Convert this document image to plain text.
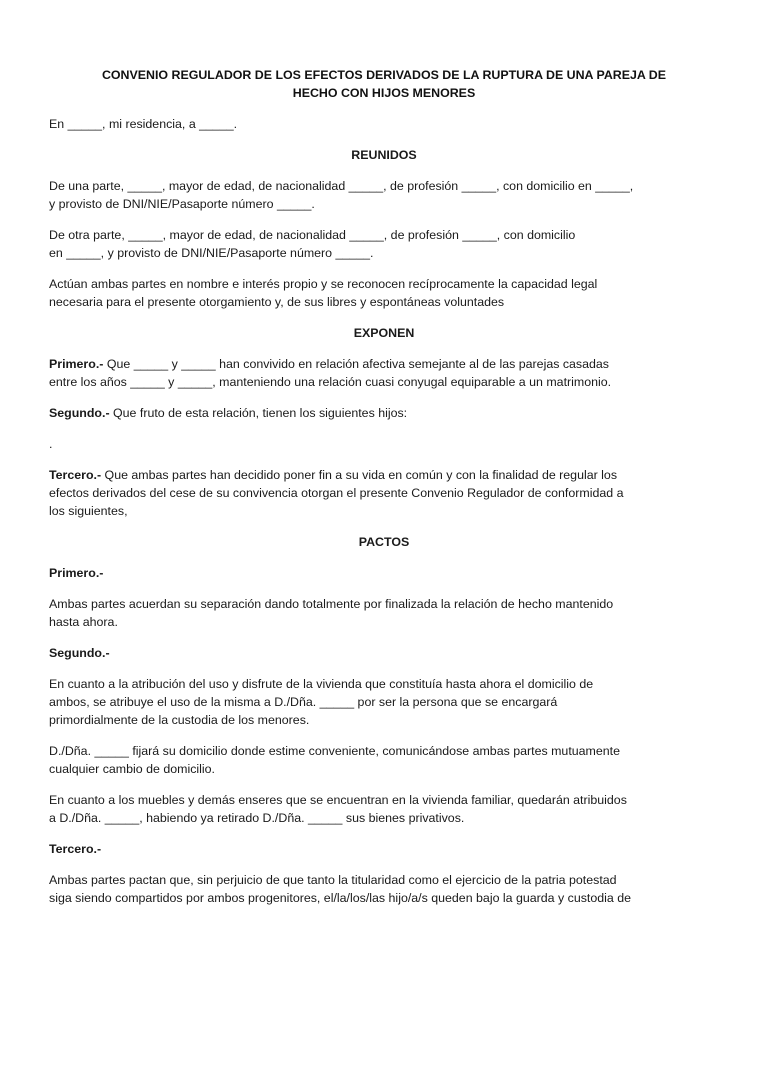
CONVENIO REGULADOR DE LOS EFECTOS DERIVADOS DE LA RUPTURA DE UNA PAREJA DE
HECHO CON HIJOS MENORES
En _____, mi residencia, a _____.
REUNIDOS
De una parte, _____, mayor de edad, de nacionalidad _____, de profesión _____, con domicilio en _____,
y provisto de DNI/NIE/Pasaporte número _____.
De otra parte, _____, mayor de edad, de nacionalidad _____, de profesión _____, con domicilio
en _____, y provisto de DNI/NIE/Pasaporte número _____.
Actúan ambas partes en nombre e interés propio y se reconocen recíprocamente la capacidad legal
necesaria para el presente otorgamiento y, de sus libres y espontáneas voluntades
EXPONEN
Primero.- Que _____ y _____ han convivido en relación afectiva semejante al de las parejas casadas
entre los años _____ y _____, manteniendo una relación cuasi conyugal equiparable a un matrimonio.
Segundo.- Que fruto de esta relación, tienen los siguientes hijos:
.
Tercero.- Que ambas partes han decidido poner fin a su vida en común y con la finalidad de regular los
efectos derivados del cese de su convivencia otorgan el presente Convenio Regulador de conformidad a
los siguientes,
PACTOS
Primero.-
Ambas partes acuerdan su separación dando totalmente por finalizada la relación de hecho mantenido
hasta ahora.
Segundo.-
En cuanto a la atribución del uso y disfrute de la vivienda que constituía hasta ahora el domicilio de
ambos, se atribuye el uso de la misma a D./Dña. _____ por ser la persona que se encargará
primordialmente de la custodia de los menores.
D./Dña. _____ fijará su domicilio donde estime conveniente, comunicándose ambas partes mutuamente
cualquier cambio de domicilio.
En cuanto a los muebles y demás enseres que se encuentran en la vivienda familiar, quedarán atribuidos
a D./Dña. _____, habiendo ya retirado D./Dña. _____ sus bienes privativos.
Tercero.-
Ambas partes pactan que, sin perjuicio de que tanto la titularidad como el ejercicio de la patria potestad
siga siendo compartidos por ambos progenitores, el/la/los/las hijo/a/s queden bajo la guarda y custodia de
